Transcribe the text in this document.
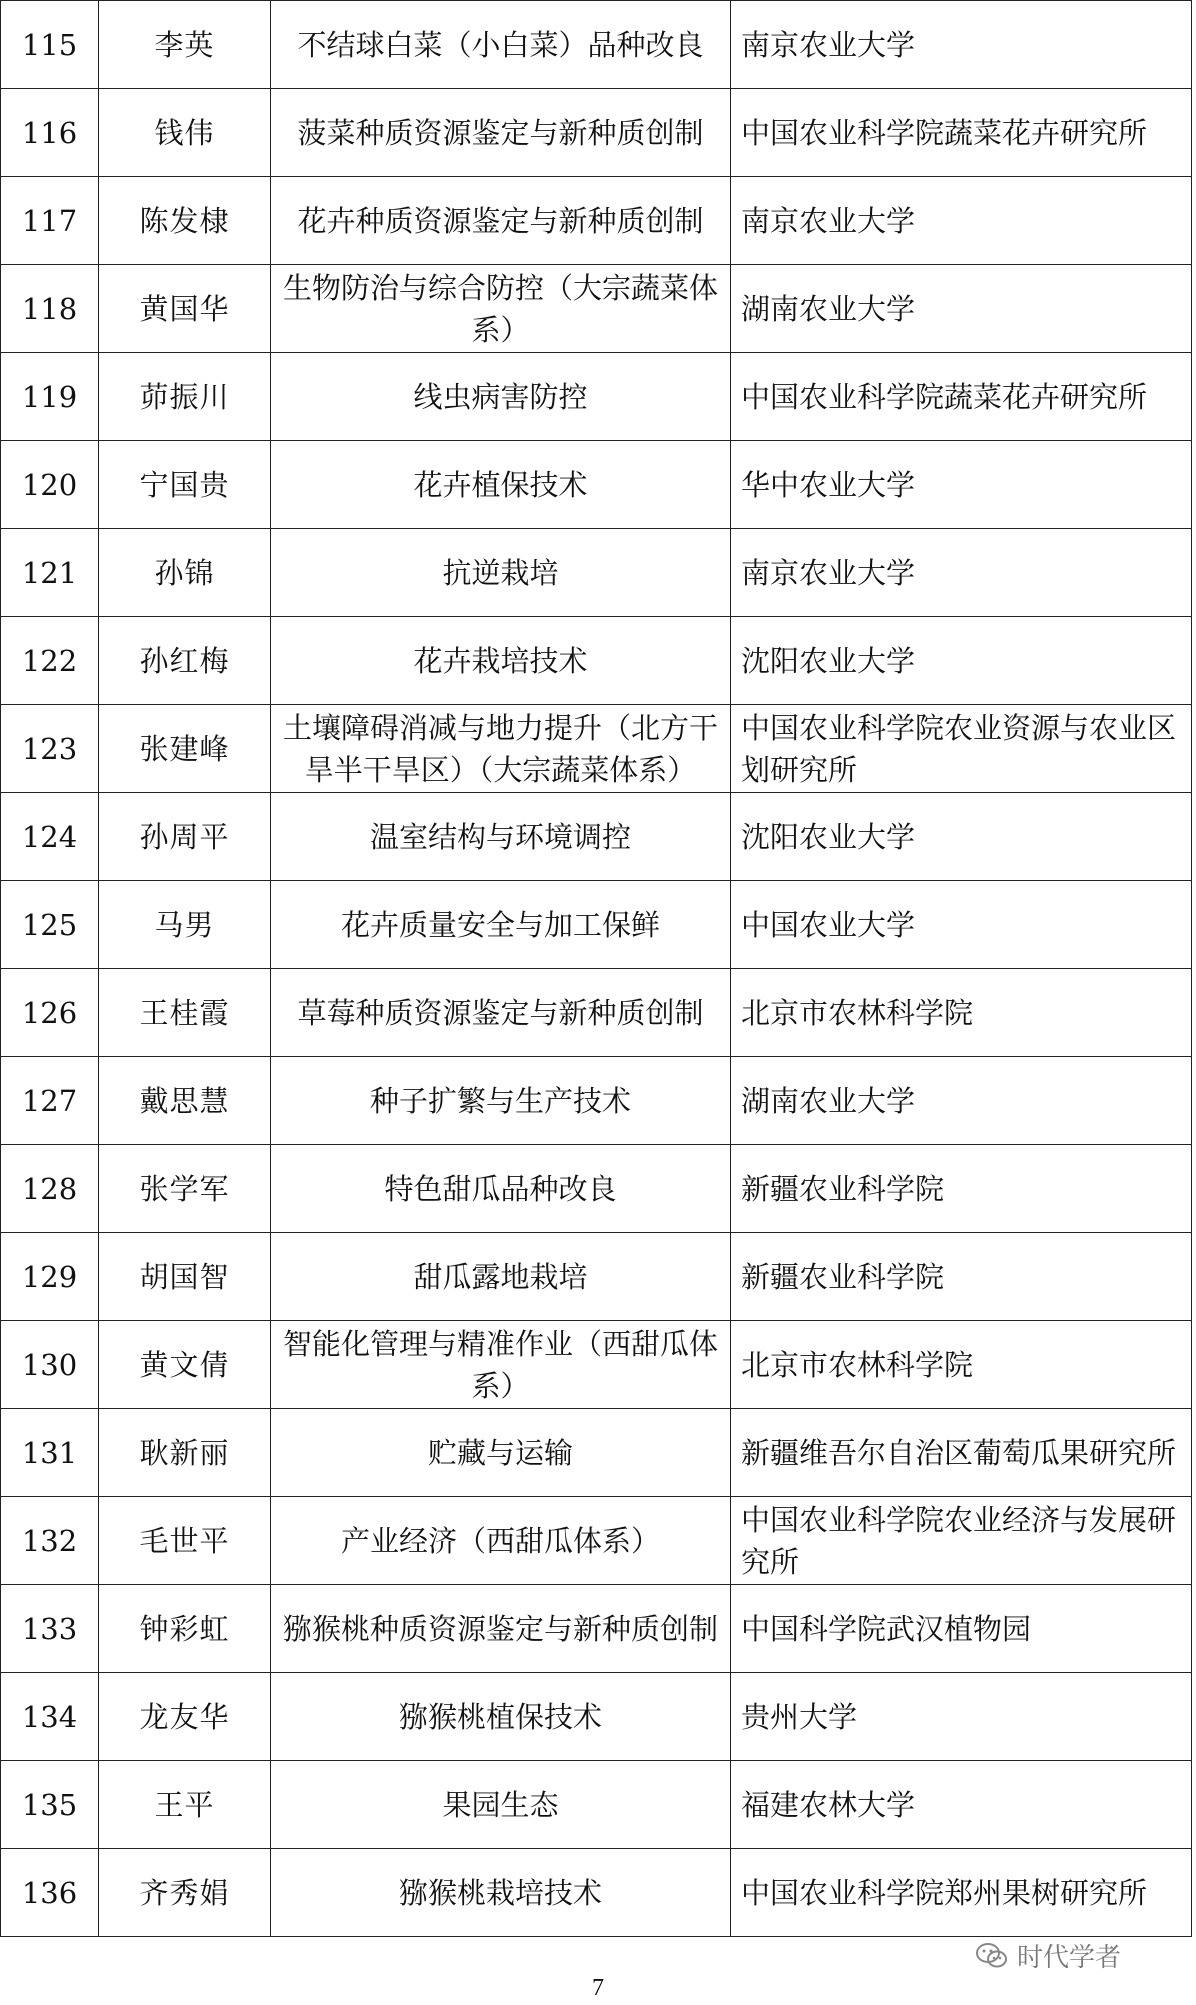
115	李英	不结球白菜（小白菜）品种改良	南京农业大学
116	钱伟	菠菜种质资源鉴定与新种质创制	中国农业科学院蔬菜花卉研究所
117	陈发棣	花卉种质资源鉴定与新种质创制	南京农业大学
118	黄国华	生物防治与综合防控（大宗蔬菜体系）	湖南农业大学
119	茆振川	线虫病害防控	中国农业科学院蔬菜花卉研究所
120	宁国贵	花卉植保技术	华中农业大学
121	孙锦	抗逆栽培	南京农业大学
122	孙红梅	花卉栽培技术	沈阳农业大学
123	张建峰	土壤障碍消减与地力提升（北方干旱半干旱区）（大宗蔬菜体系）	中国农业科学院农业资源与农业区划研究所
124	孙周平	温室结构与环境调控	沈阳农业大学
125	马男	花卉质量安全与加工保鲜	中国农业大学
126	王桂霞	草莓种质资源鉴定与新种质创制	北京市农林科学院
127	戴思慧	种子扩繁与生产技术	湖南农业大学
128	张学军	特色甜瓜品种改良	新疆农业科学院
129	胡国智	甜瓜露地栽培	新疆农业科学院
130	黄文倩	智能化管理与精准作业（西甜瓜体系）	北京市农林科学院
131	耿新丽	贮藏与运输	新疆维吾尔自治区葡萄瓜果研究所
132	毛世平	产业经济（西甜瓜体系）	中国农业科学院农业经济与发展研究所
133	钟彩虹	猕猴桃种质资源鉴定与新种质创制	中国科学院武汉植物园
134	龙友华	猕猴桃植保技术	贵州大学
135	王平	果园生态	福建农林大学
136	齐秀娟	猕猴桃栽培技术	中国农业科学院郑州果树研究所
7
时代学者
